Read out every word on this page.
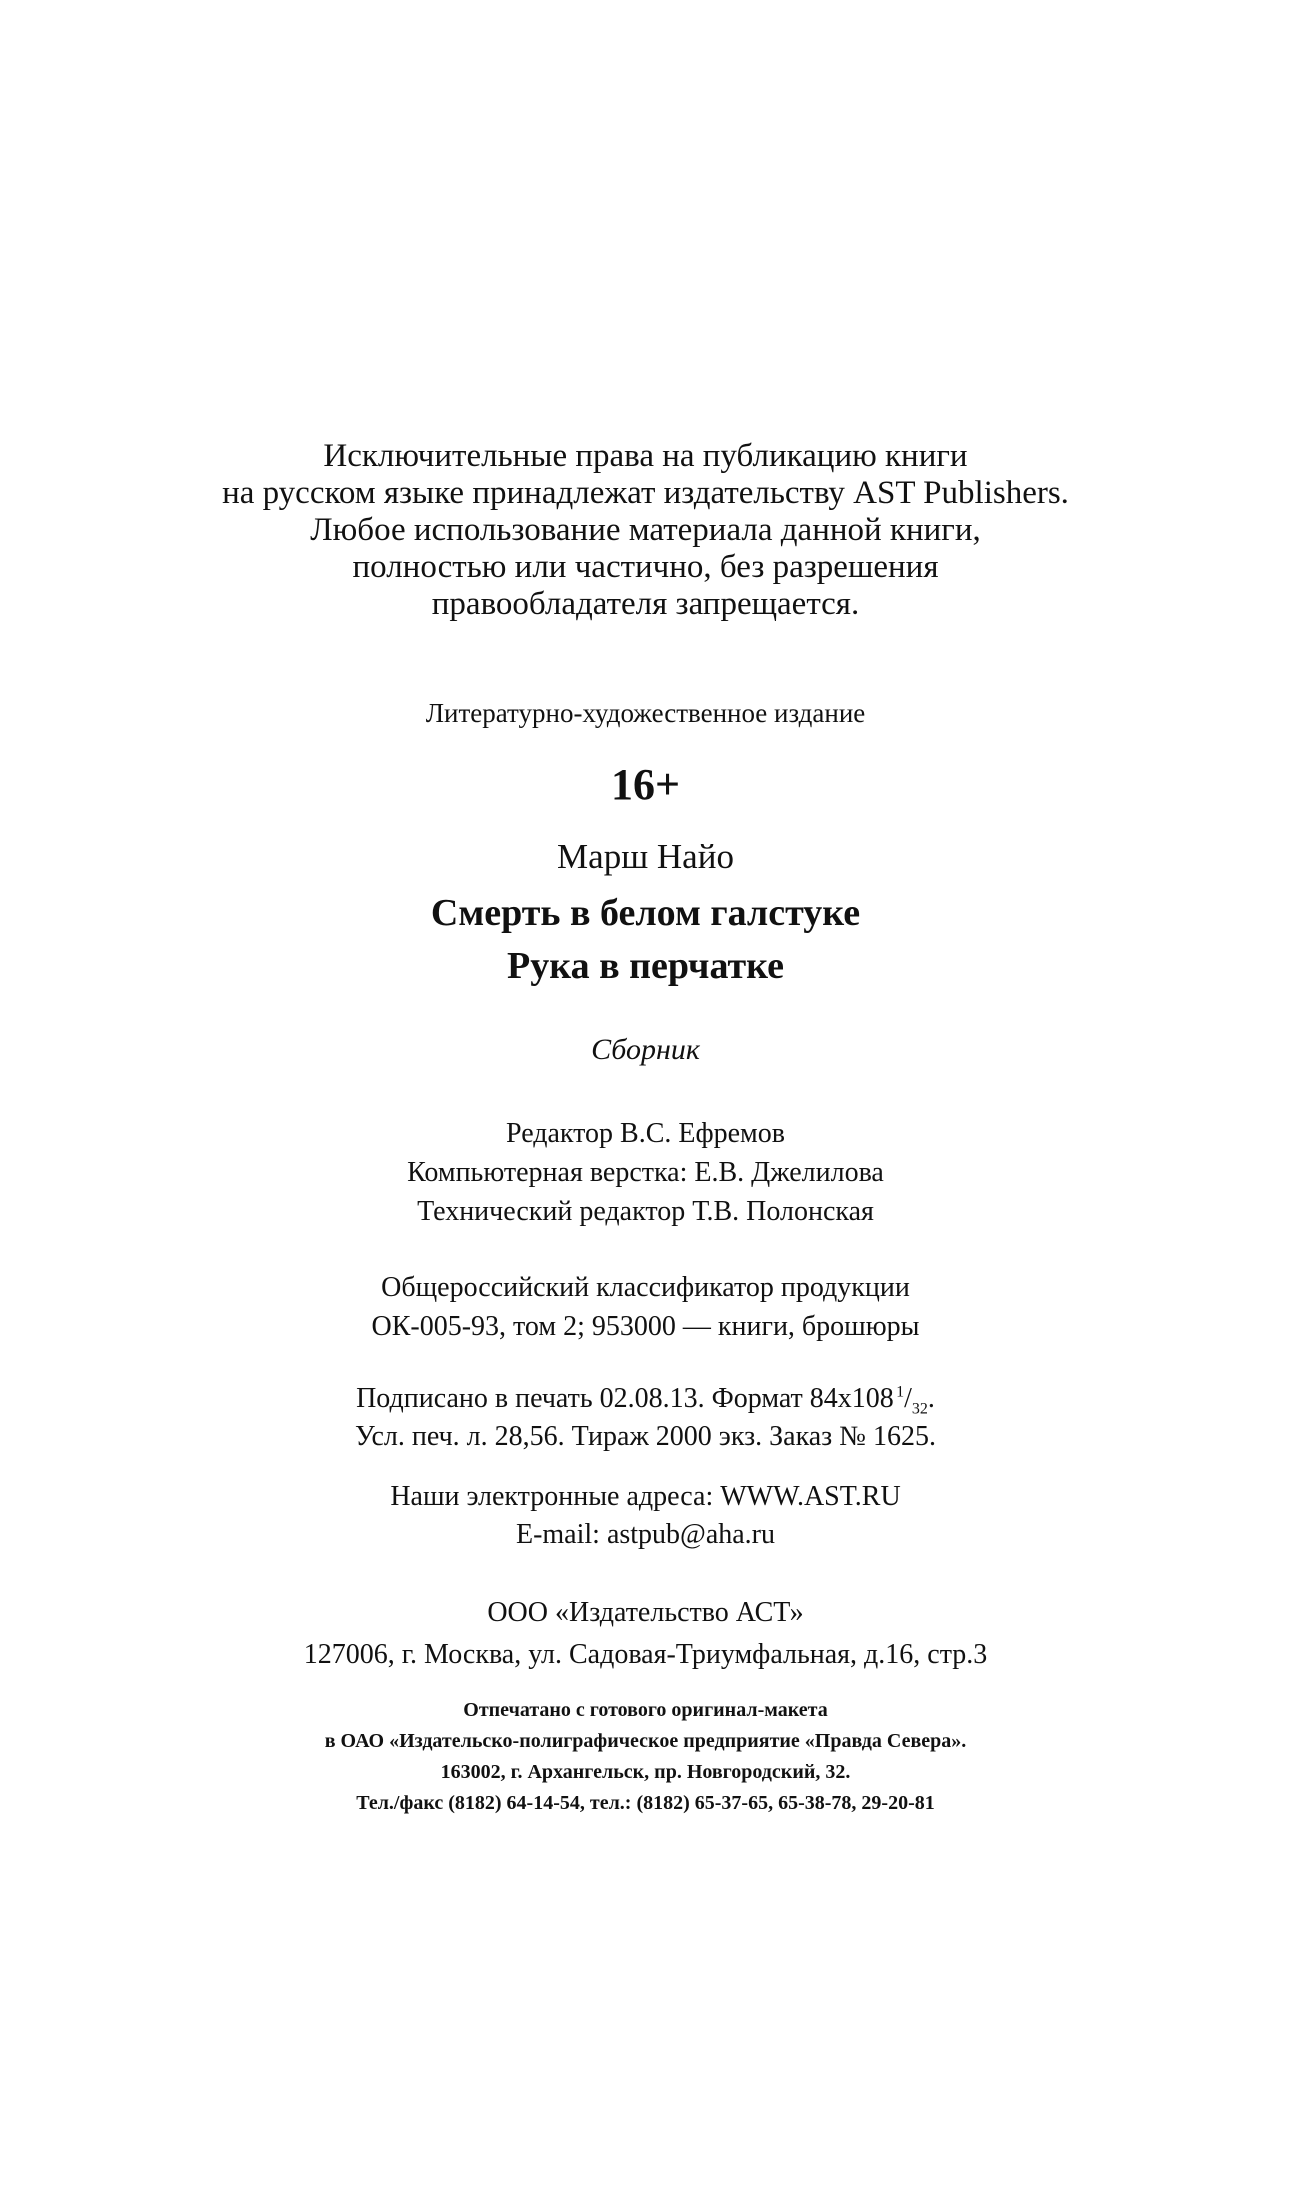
Исключительные права на публикацию книги
на русском языке принадлежат издательству AST Publishers.
Любое использование материала данной книги,
полностью или частично, без разрешения
правообладателя запрещается.
Литературно-художественное издание
16+
Марш Найо
Смерть в белом галстуке
Рука в перчатке
Сборник
Редактор В.С. Ефремов
Компьютерная верстка: Е.В. Джелилова
Технический редактор Т.В. Полонская
Общероссийский классификатор продукции
ОК-005-93, том 2; 953000 — книги, брошюры
Подписано в печать 02.08.13. Формат 84х108  $^1/_{32}$.
Усл. печ. л. 28,56. Тираж 2000 экз. Заказ № 1625.
Наши электронные адреса: WWW.AST.RU
E-mail: astpub@aha.ru
ООО «Издательство АСТ»
127006, г. Москва, ул. Садовая-Триумфальная, д.16, стр.3
Отпечатано с готового оригинал-макета
в ОАО «Издательско-полиграфическое предприятие «Правда Севера».
163002, г. Архангельск, пр. Новгородский, 32.
Тел./факс (8182) 64-14-54, тел.: (8182) 65-37-65, 65-38-78, 29-20-81
